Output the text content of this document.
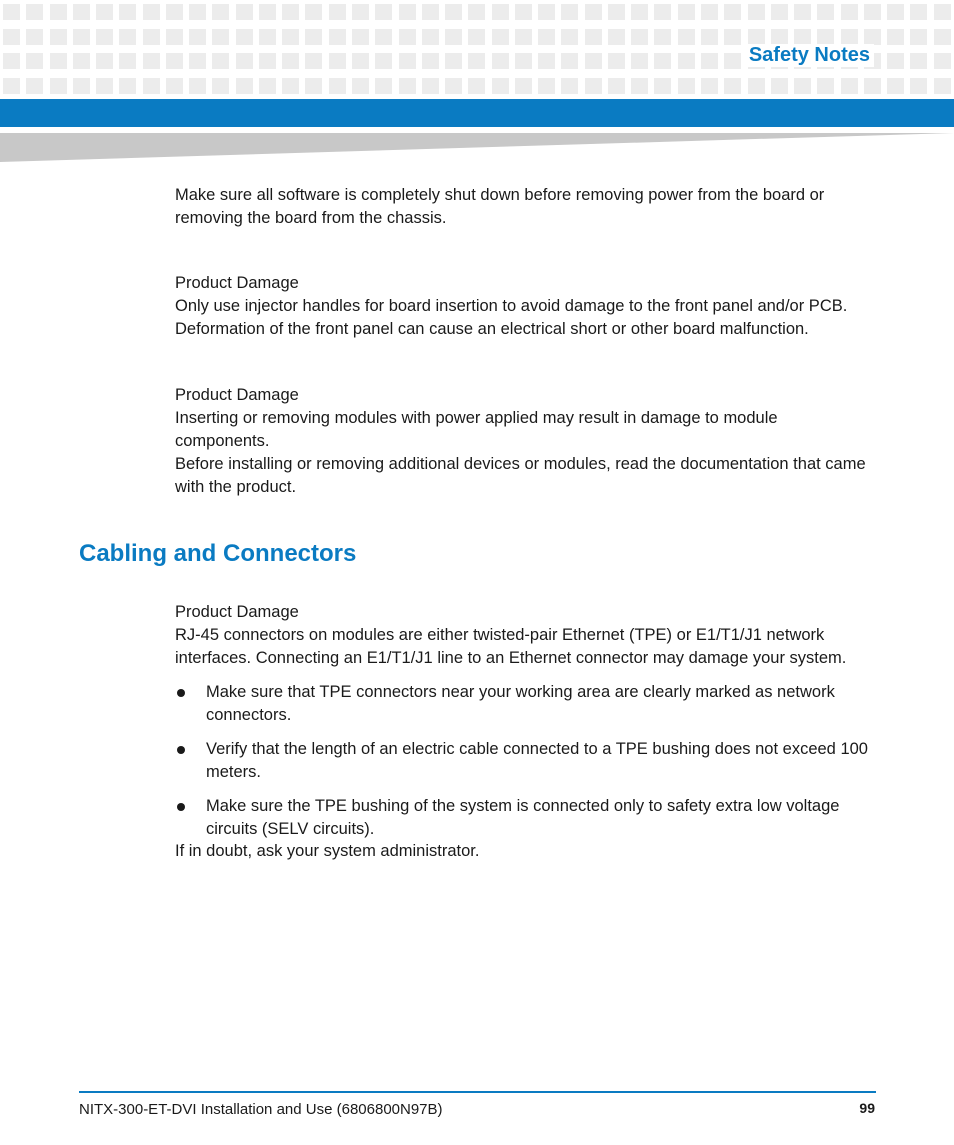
Safety Notes

Make sure all software is completely shut down before removing power from the board or removing the board from the chassis.

Product Damage

Only use injector handles for board insertion to avoid damage to the front panel and/or PCB. Deformation of the front panel can cause an electrical short or other board malfunction.

Product Damage

Inserting or removing modules with power applied may result in damage to module components.

Before installing or removing additional devices or modules, read the documentation that came with the product.

Cabling and Connectors

Product Damage

RJ-45 connectors on modules are either twisted-pair Ethernet (TPE) or E1/T1/J1 network interfaces. Connecting an E1/T1/J1 line to an Ethernet connector may damage your system.

Make sure that TPE connectors near your working area are clearly marked as network connectors.
Verify that the length of an electric cable connected to a TPE bushing does not exceed 100 meters.
Make sure the TPE bushing of the system is connected only to safety extra low voltage circuits (SELV circuits).

If in doubt, ask your system administrator.

NITX-300-ET-DVI Installation and Use (6806800N97B)	99
